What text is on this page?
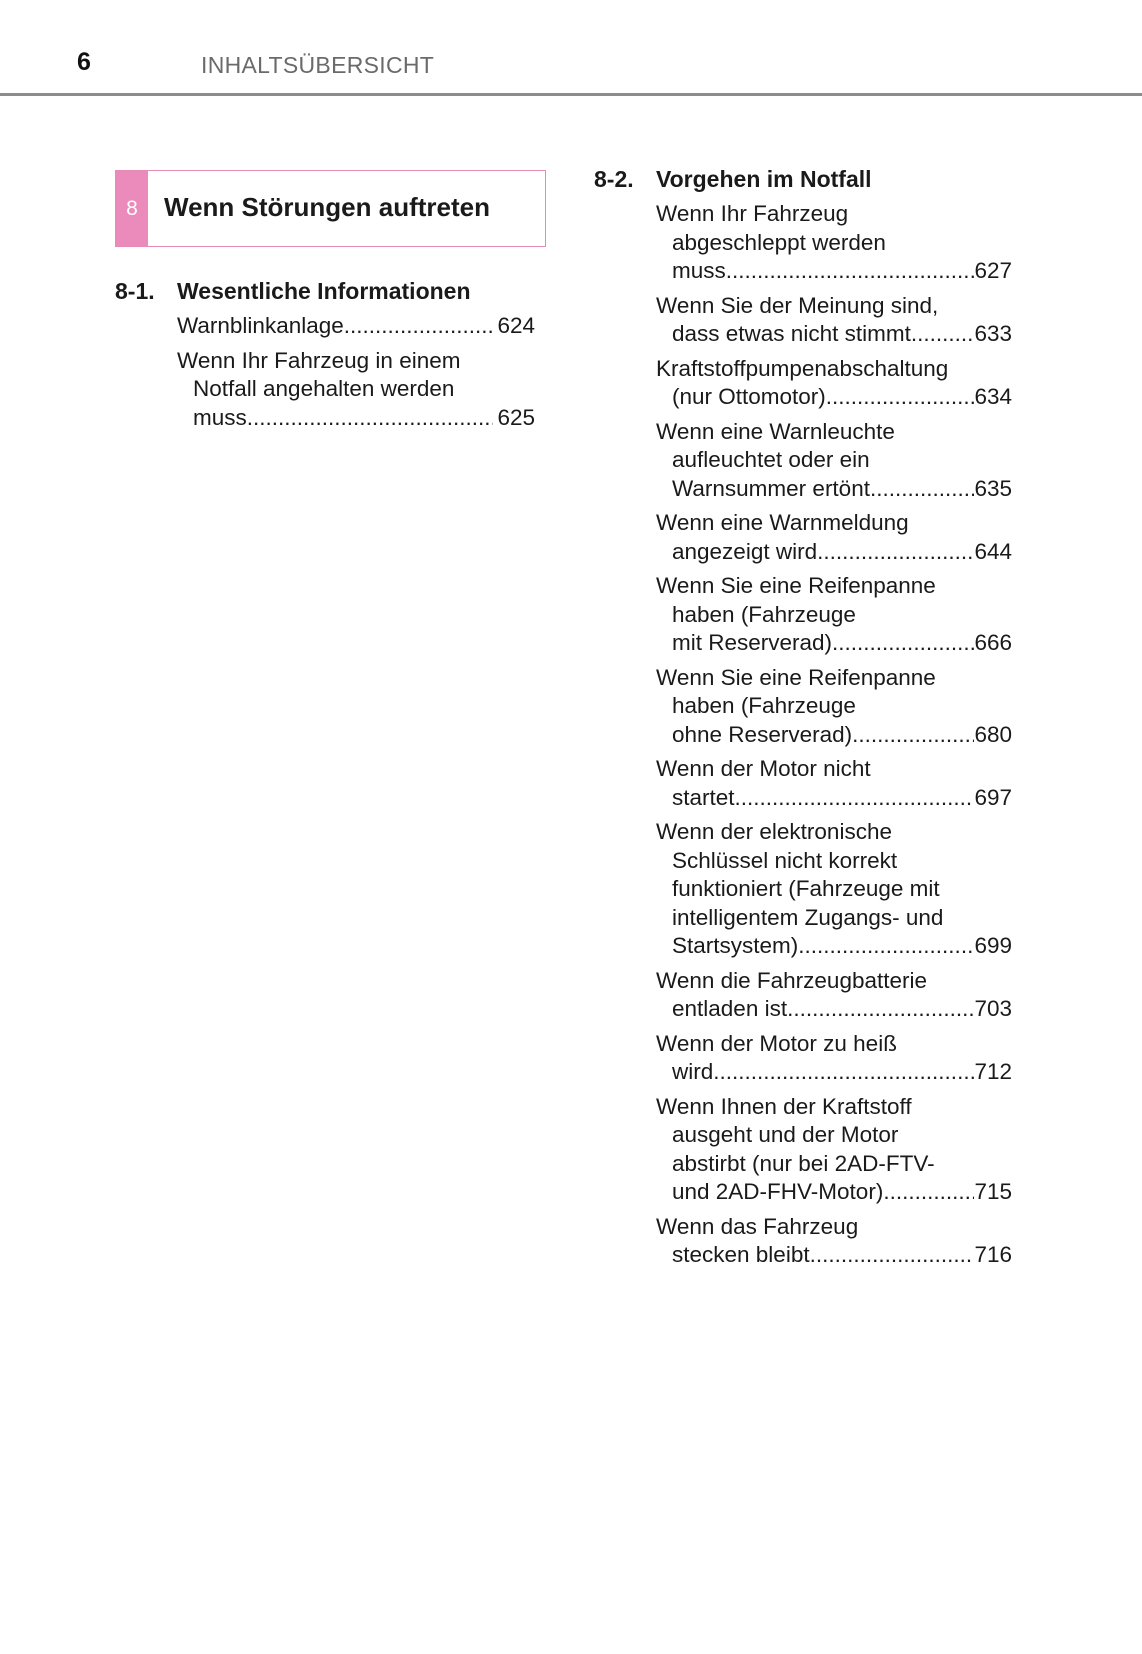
6	INHALTSÜBERSICHT
8	Wenn Störungen auftreten
8-1. Wesentliche Informationen
Warnblinkanlage .....	624
Wenn Ihr Fahrzeug in einem
Notfall angehalten werden
muss .....	625
8-2. Vorgehen im Notfall
Wenn Ihr Fahrzeug
abgeschleppt werden
muss .....	627
Wenn Sie der Meinung sind,
dass etwas nicht stimmt .....	633
Kraftstoffpumpenabschaltung
(nur Ottomotor) .....	634
Wenn eine Warnleuchte
aufleuchtet oder ein
Warnsummer ertönt .....	635
Wenn eine Warnmeldung
angezeigt wird .....	644
Wenn Sie eine Reifenpanne
haben (Fahrzeuge
mit Reserverad) .....	666
Wenn Sie eine Reifenpanne
haben (Fahrzeuge
ohne Reserverad) .....	680
Wenn der Motor nicht
startet .....	697
Wenn der elektronische
Schlüssel nicht korrekt
funktioniert (Fahrzeuge mit
intelligentem Zugangs- und
Startsystem) .....	699
Wenn die Fahrzeugbatterie
entladen ist .....	703
Wenn der Motor zu heiß
wird .....	712
Wenn Ihnen der Kraftstoff
ausgeht und der Motor
abstirbt (nur bei 2AD-FTV-
und 2AD-FHV-Motor) .....	715
Wenn das Fahrzeug
stecken bleibt .....	716
